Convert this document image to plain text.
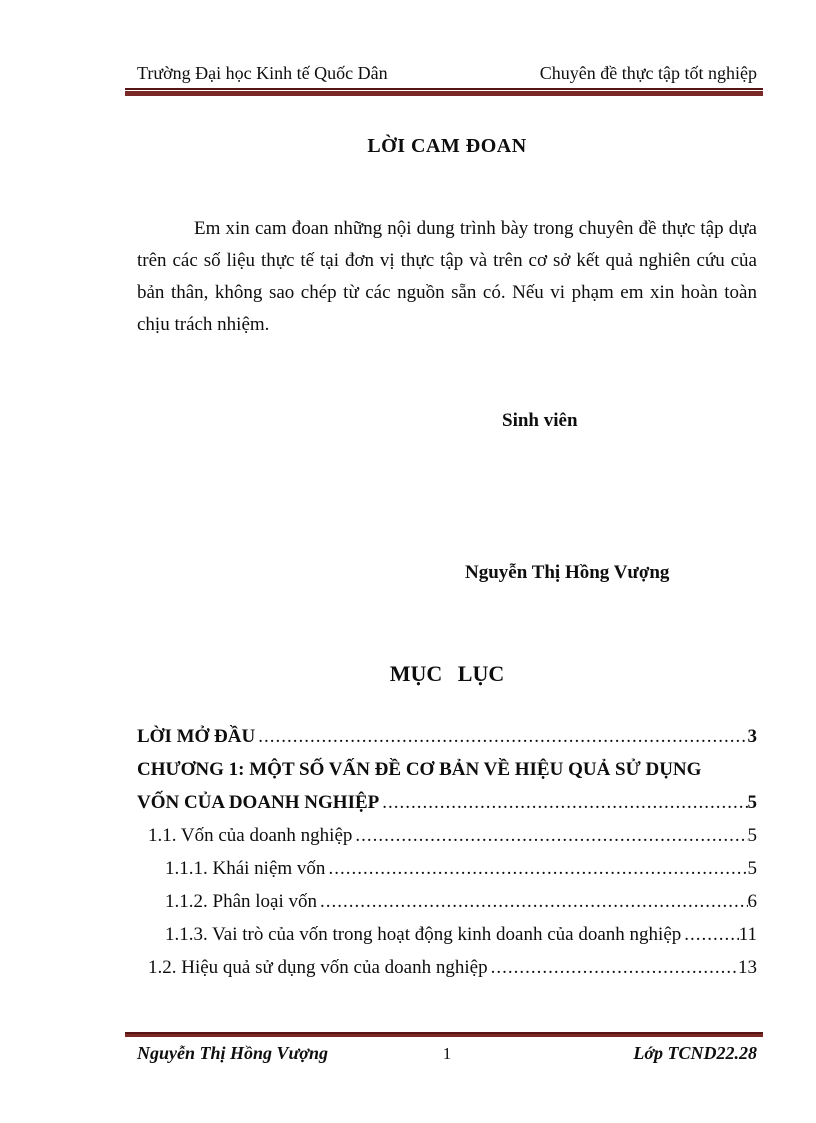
Trường Đại học Kinh tế Quốc Dân	Chuyên đề thực tập tốt nghiệp
LỜI CAM ĐOAN

Em xin cam đoan những nội dung trình bày trong chuyên đề thực tập dựa trên các số liệu thực tế tại đơn vị thực tập và trên cơ sở kết quả nghiên cứu của bản thân, không sao chép từ các nguồn sẵn có. Nếu vi phạm em xin hoàn toàn chịu trách nhiệm.

Sinh viên
Nguyễn Thị Hồng Vượng
MỤC LỤC
LỜI MỞ ĐẦU .....	3
CHƯƠNG 1: MỘT SỐ VẤN ĐỀ CƠ BẢN VỀ HIỆU QUẢ SỬ DỤNG
VỐN CỦA DOANH NGHIỆP .....	5
1.1. Vốn của doanh nghiệp .....	5
1.1.1. Khái niệm vốn .....	5
1.1.2. Phân loại vốn .....	6
1.1.3. Vai trò của vốn trong hoạt động kinh doanh của doanh nghiệp .....	11
1.2. Hiệu quả sử dụng vốn của doanh nghiệp .....	13
Nguyễn Thị Hồng Vượng	1	Lớp TCND22.28
